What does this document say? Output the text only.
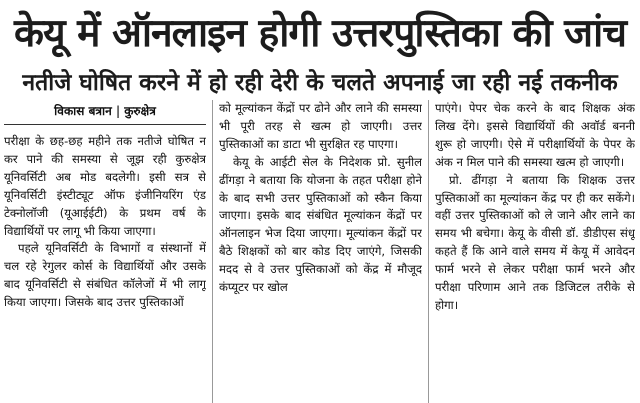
केयू में ऑनलाइन होगी उत्तरपुस्तिका की जांच
नतीजे घोषित करने में हो रही देरी के चलते अपनाई जा रही नई तकनीक
विकास बत्रान | कुरुक्षेत्र

परीक्षा के छह-छह महीने तक नतीजे घोषित न कर पाने की समस्या से जूझ रही कुरुक्षेत्र यूनिवर्सिटी अब मोड बदलेगी। इसी सत्र से यूनिवर्सिटी इंस्टीट्यूट ऑफ इंजीनियरिंग एंड टेक्नोलॉजी (यूआईईटी) के प्रथम वर्ष के विद्यार्थियों पर लागू भी किया जाएगा।

पहले यूनिवर्सिटी के विभागों व संस्थानों में चल रहे रेगुलर कोर्स के विद्यार्थियों और उसके बाद यूनिवर्सिटी से संबंधित कॉलेजों में भी लागू किया जाएगा। जिसके बाद उत्तर पुस्तिकाओं

को मूल्यांकन केंद्रों पर ढोने और लाने की समस्या भी पूरी तरह से खत्म हो जाएगी। उत्तर पुस्तिकाओं का डाटा भी सुरक्षित रह पाएगा।

केयू के आईटी सेल के निदेशक प्रो. सुनील ढींगड़ा ने बताया कि योजना के तहत परीक्षा होने के बाद सभी उत्तर पुस्तिकाओं को स्कैन किया जाएगा। इसके बाद संबंधित मूल्यांकन केंद्रों पर ऑनलाइन भेज दिया जाएगा। मूल्यांकन केंद्रों पर बैठे शिक्षकों को बार कोड दिए जाएंगे, जिसकी मदद से वे उत्तर पुस्तिकाओं को केंद्र में मौजूद कंप्यूटर पर खोल

पाएंगे। पेपर चेक करने के बाद शिक्षक अंक लिख देंगे। इससे विद्यार्थियों की अवॉर्ड बननी शुरू हो जाएगी। ऐसे में परीक्षार्थियों के पेपर के अंक न मिल पाने की समस्या खत्म हो जाएगी।

प्रो. ढींगड़ा ने बताया कि शिक्षक उत्तर पुस्तिकाओं का मूल्यांकन केंद्र पर ही कर सकेंगे। वहीं उत्तर पुस्तिकाओं को ले जाने और लाने का समय भी बचेगा। केयू के वीसी डॉ. डीडीएस संधू कहते हैं कि आने वाले समय में केयू में आवेदन फार्म भरने से लेकर परीक्षा फार्म भरने और परीक्षा परिणाम आने तक डिजिटल तरीके से होगा।
